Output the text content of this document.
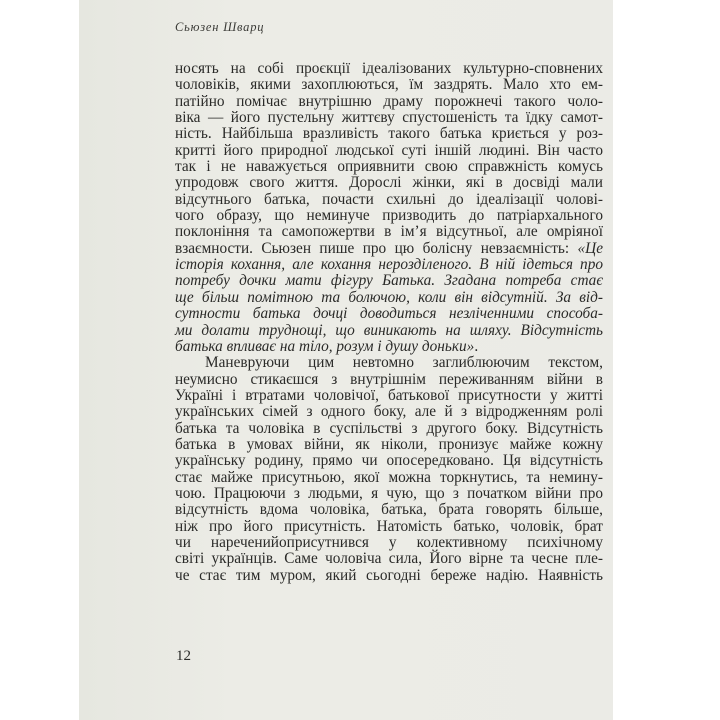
Сьюзен Шварц
носять на собі проєкції ідеалізованих культурно-сповнених
чоловіків, якими захоплюються, їм заздрять. Мало хто ем-
патійно помічає внутрішню драму порожнечі такого чоло-
віка — його пустельну життєву спустошеність та їдку самот-
ність. Найбільша вразливість такого батька криється у роз-
критті його природної людської суті іншій людині. Він часто
так і не наважується оприявнити свою справжність комусь
упродовж свого життя. Дорослі жінки, які в досвіді мали
відсутнього батька, почасти схильні до ідеалізації чолові-
чого образу, що неминуче призводить до патріархального
поклоніння та самопожертви в ім’я відсутньої, але омріяної
взаємности. Сьюзен пише про цю болісну невзаємність: «Це
історія кохання, але кохання нерозділеного. В ній ідеться про
потребу дочки мати фігуру Батька. Згадана потреба стає
ще більш помітною та болючою, коли він відсутній. За від-
сутности батька дочці доводиться незліченними способа-
ми долати труднощі, що виникають на шляху. Відсутність
батька впливає на тіло, розум і душу доньки».
Маневруючи цим невтомно заглиблюючим текстом,
неумисно стикаєшся з внутрішнім переживанням війни в
Україні і втратами чоловічої, батькової присутности у житті
українських сімей з одного боку, але й з відродженням ролі
батька та чоловіка в суспільстві з другого боку. Відсутність
батька в умовах війни, як ніколи, пронизує майже кожну
українську родину, прямо чи опосередковано. Ця відсутність
стає майже присутньою, якої можна торкнутись, та немину-
чою. Працюючи з людьми, я чую, що з початком війни про
відсутність вдома чоловіка, батька, брата говорять більше,
ніж про його присутність. Натомість батько, чоловік, брат
чи нареченийоприсутнився у колективному психічному
світі українців. Саме чоловіча сила, Його вірне та чесне пле-
че стає тим муром, який сьогодні береже надію. Наявність
12
